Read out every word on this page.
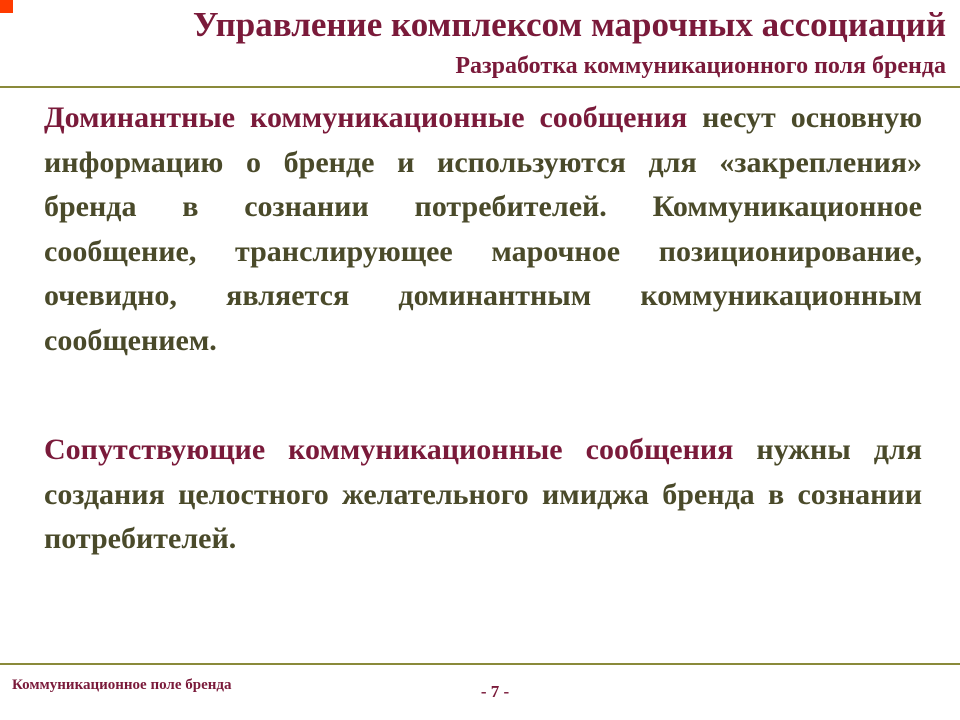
Управление комплексом марочных ассоциаций
Разработка коммуникационного поля бренда

Доминантные коммуникационные сообщения несут основную информацию о бренде и используются для «закрепления» бренда в сознании потребителей. Коммуникационное сообщение, транслирующее марочное позиционирование, очевидно, является доминантным коммуникационным сообщением.

Сопутствующие коммуникационные сообщения нужны для создания целостного желательного имиджа бренда в сознании потребителей.

Коммуникационное поле бренда	- 7 -
